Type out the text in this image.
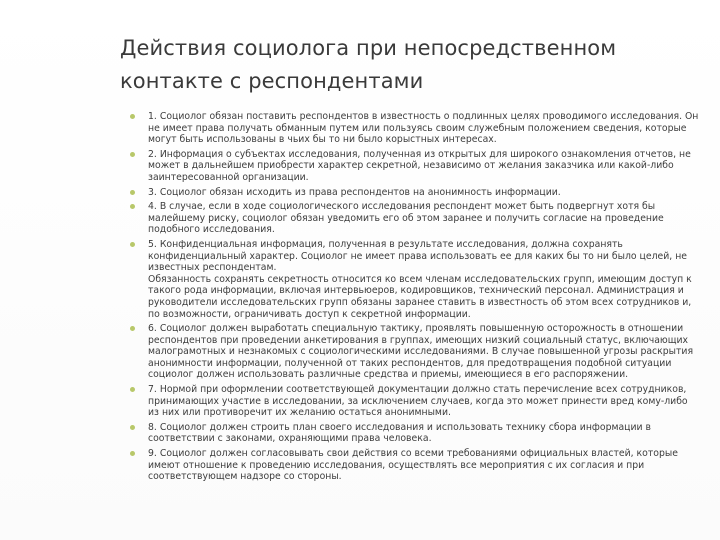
Действия социолога при непосредственном контакте с респондентами
1. Социолог обязан поставить респондентов в известность о подлинных целях проводимого исследования. Он не имеет права получать обманным путем или пользуясь своим служебным положением сведения, которые могут быть использованы в чьих бы то ни было корыстных интересах.
2. Информация о субъектах исследования, полученная из открытых для широкого ознакомления отчетов, не может в дальнейшем приобрести характер секретной, независимо от желания заказчика или какой-либо заинтересованной организации.
3. Социолог обязан исходить из права респондентов на анонимность информации.
4. В случае, если в ходе социологического исследования респондент может быть подвергнут хотя бы малейшему риску, социолог обязан уведомить его об этом заранее и получить согласие на проведение подобного исследования.
5. Конфиденциальная информация, полученная в результате исследования, должна сохранять конфиденциальный характер. Социолог не имеет права использовать ее для каких бы то ни было целей, не известных респондентам.
Обязанность сохранять секретность относится ко всем членам исследовательских групп, имеющим доступ к такого рода информации, включая интервьюеров, кодировщиков, технический персонал. Администрация и руководители исследовательских групп обязаны заранее ставить в известность об этом всех сотрудников и, по возможности, ограничивать доступ к секретной информации.
6. Социолог должен выработать специальную тактику, проявлять повышенную осторожность в отношении респондентов при проведении анкетирования в группах, имеющих низкий социальный статус, включающих малограмотных и незнакомых с социологическими исследованиями. В случае повышенной угрозы раскрытия анонимности информации, полученной от таких респондентов, для предотвращения подобной ситуации социолог должен использовать различные средства и приемы, имеющиеся в его распоряжении.
7. Нормой при оформлении соответствующей документации должно стать перечисление всех сотрудников, принимающих участие в исследовании, за исключением случаев, когда это может принести вред кому-либо из них или противоречит их желанию остаться анонимными.
8. Социолог должен строить план своего исследования и использовать технику сбора информации в соответствии с законами, охраняющими права человека.
9. Социолог должен согласовывать свои действия со всеми требованиями официальных властей, которые имеют отношение к проведению исследования, осуществлять все мероприятия с их согласия и при соответствующем надзоре со стороны.
